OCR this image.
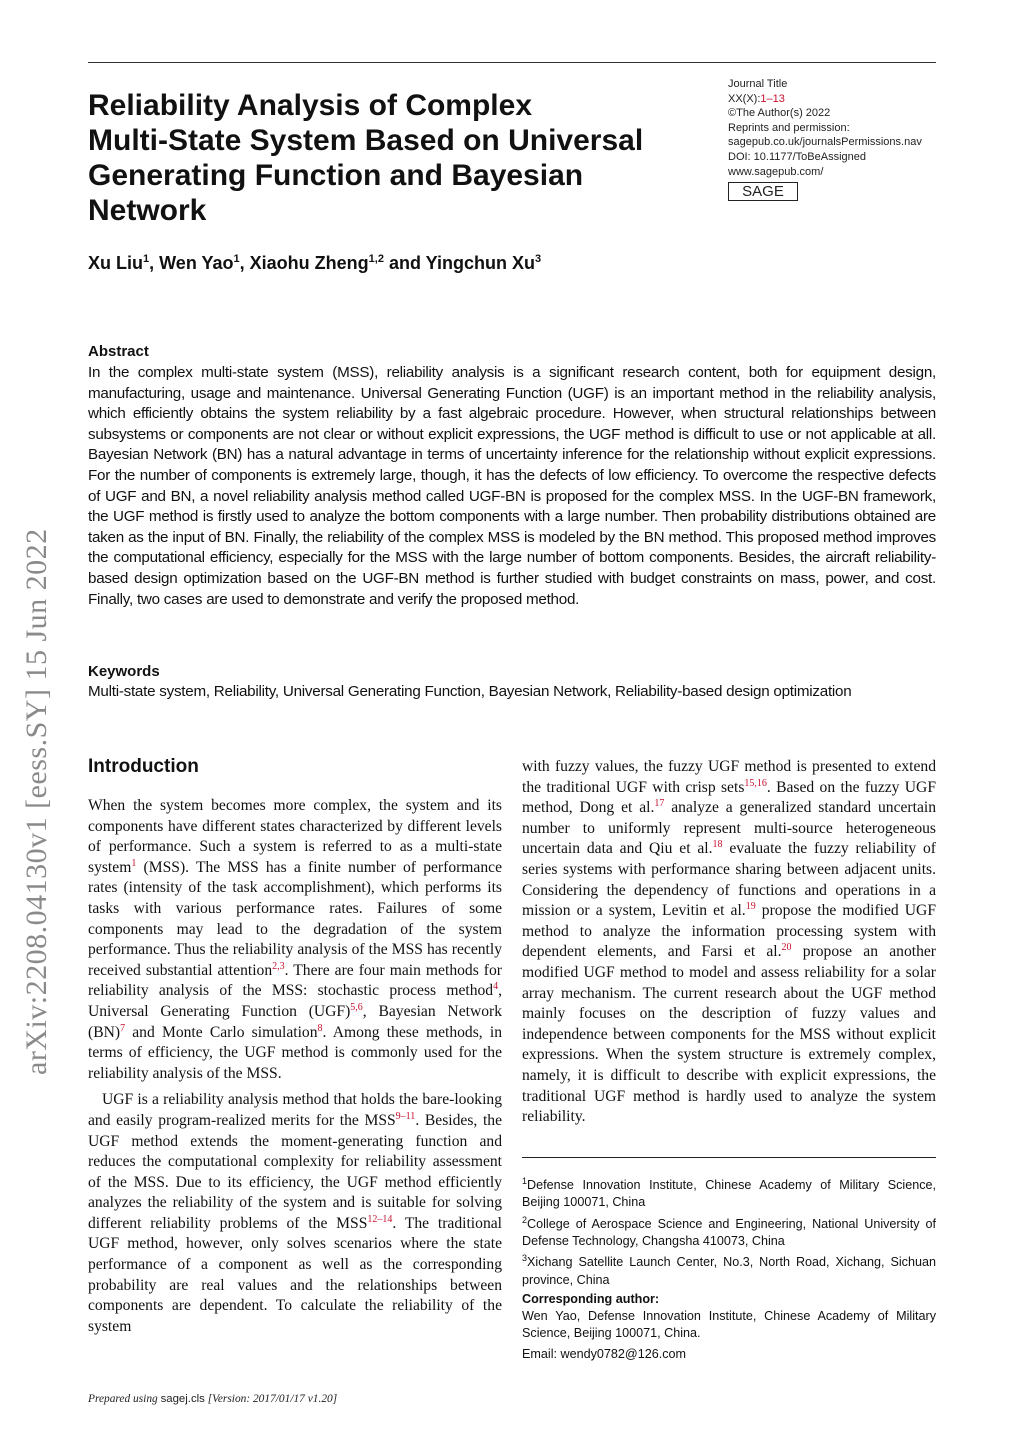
Reliability Analysis of Complex
Multi-State System Based on Universal
Generating Function and Bayesian
Network
Journal Title
XX(X):1–13
©The Author(s) 2022
Reprints and permission:
sagepub.co.uk/journalsPermissions.nav
DOI: 10.1177/ToBeAssigned
www.sagepub.com/
SAGE
Xu Liu$^1$, Wen Yao$^1$, Xiaohu Zheng$^{1,2}$ and Yingchun Xu$^3$
Abstract

In the complex multi-state system (MSS), reliability analysis is a significant research content, both for equipment design, manufacturing, usage and maintenance. Universal Generating Function (UGF) is an important method in the reliability analysis, which efficiently obtains the system reliability by a fast algebraic procedure. However, when structural relationships between subsystems or components are not clear or without explicit expressions, the UGF method is difficult to use or not applicable at all. Bayesian Network (BN) has a natural advantage in terms of uncertainty inference for the relationship without explicit expressions. For the number of components is extremely large, though, it has the defects of low efficiency. To overcome the respective defects of UGF and BN, a novel reliability analysis method called UGF-BN is proposed for the complex MSS. In the UGF-BN framework, the UGF method is firstly used to analyze the bottom components with a large number. Then probability distributions obtained are taken as the input of BN. Finally, the reliability of the complex MSS is modeled by the BN method. This proposed method improves the computational efficiency, especially for the MSS with the large number of bottom components. Besides, the aircraft reliability-based design optimization based on the UGF-BN method is further studied with budget constraints on mass, power, and cost. Finally, two cases are used to demonstrate and verify the proposed method.

Keywords
Multi-state system, Reliability, Universal Generating Function, Bayesian Network, Reliability-based design optimization
arXiv:2208.04130v1 [eess.SY] 15 Jun 2022 Introduction

When the system becomes more complex, the system and its components have different states characterized by different levels of performance. Such a system is referred to as a multi-state system$^1$ (MSS). The MSS has a finite number of performance rates (intensity of the task accomplishment), which performs its tasks with various performance rates. Failures of some components may lead to the degradation of the system performance. Thus the reliability analysis of the MSS has recently received substantial attention$^{2,3}$. There are four main methods for reliability analysis of the MSS: stochastic process method$^4$, Universal Generating Function (UGF)$^{5,6}$, Bayesian Network (BN)$^7$ and Monte Carlo simulation$^8$. Among these methods, in terms of efficiency, the UGF method is commonly used for the reliability analysis of the MSS.

UGF is a reliability analysis method that holds the bare-looking and easily program-realized merits for the MSS$^{9-11}$. Besides, the UGF method extends the moment-generating function and reduces the computational complexity for reliability assessment of the MSS. Due to its efficiency, the UGF method efficiently analyzes the reliability of the system and is suitable for solving different reliability problems of the MSS$^{12-14}$. The traditional UGF method, however, only solves scenarios where the state performance of a component as well as the corresponding probability are real values and the relationships between components are dependent. To calculate the reliability of the system

with fuzzy values, the fuzzy UGF method is presented to extend the traditional UGF with crisp sets$^{15,16}$. Based on the fuzzy UGF method, Dong et al.$^{17}$ analyze a generalized standard uncertain number to uniformly represent multi-source heterogeneous uncertain data and Qiu et al.$^{18}$ evaluate the fuzzy reliability of series systems with performance sharing between adjacent units. Considering the dependency of functions and operations in a mission or a system, Levitin et al.$^{19}$ propose the modified UGF method to analyze the information processing system with dependent elements, and Farsi et al.$^{20}$ propose an another modified UGF method to model and assess reliability for a solar array mechanism. The current research about the UGF method mainly focuses on the description of fuzzy values and independence between components for the MSS without explicit expressions. When the system structure is extremely complex, namely, it is difficult to describe with explicit expressions, the traditional UGF method is hardly used to analyze the system reliability.

$^1$Defense Innovation Institute, Chinese Academy of Military Science, Beijing 100071, China

$^2$College of Aerospace Science and Engineering, National University of Defense Technology, Changsha 410073, China

$^3$Xichang Satellite Launch Center, No.3, North Road, Xichang, Sichuan province, China

Corresponding author:

Wen Yao, Defense Innovation Institute, Chinese Academy of Military Science, Beijing 100071, China.

Email: wendy0782@126.com

Prepared using sagej.cls [Version: 2017/01/17 v1.20]
